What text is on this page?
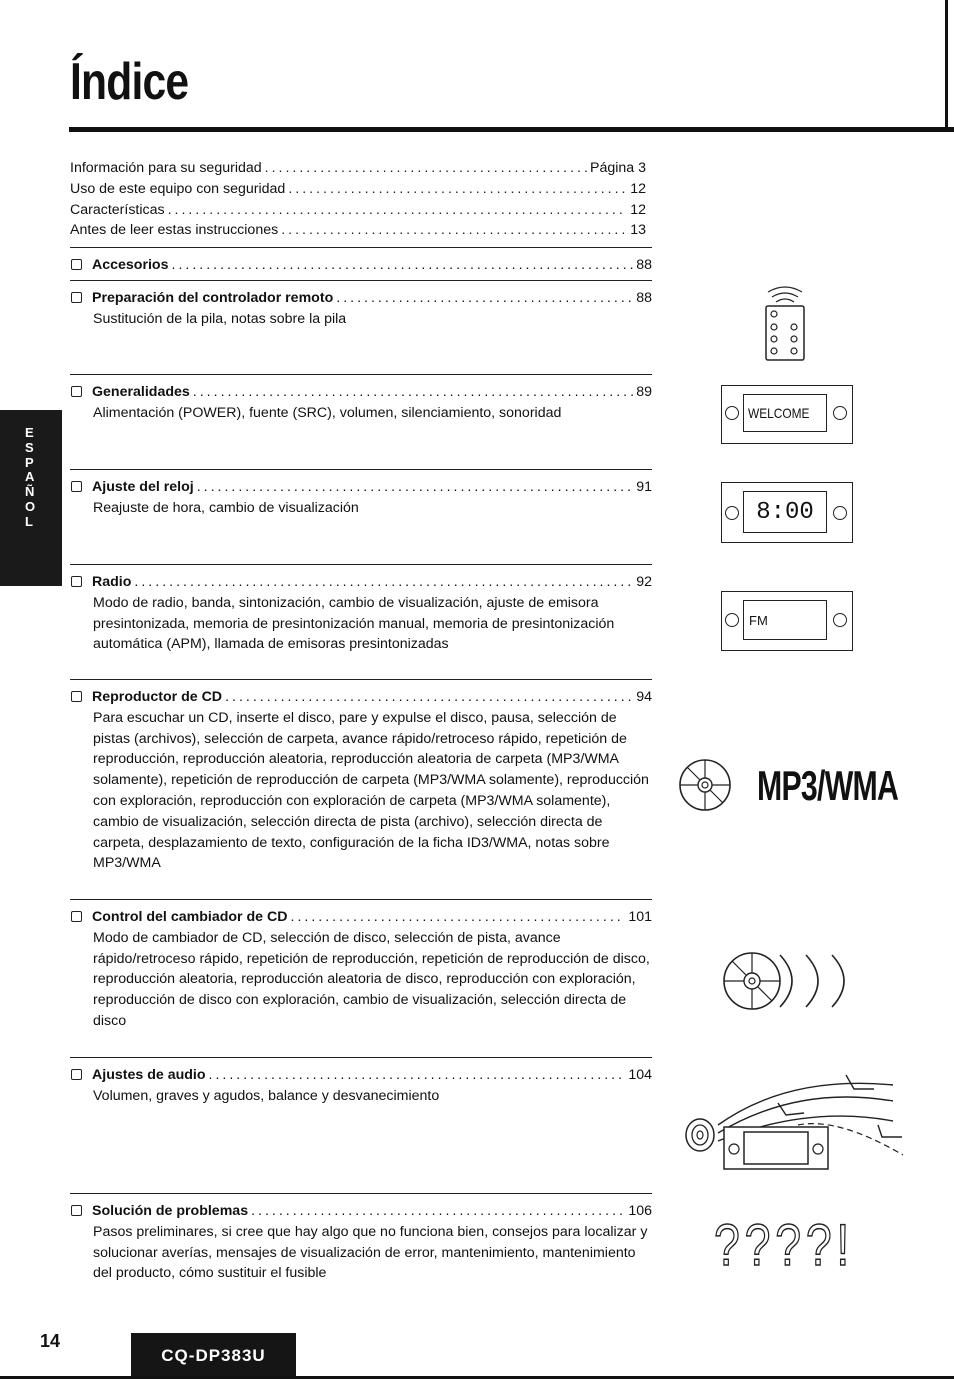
Índice
E
S
P
A
Ñ
O
L
Información para su seguridad .....	Página 3
Uso de este equipo con seguridad .....	12
Características .....	12
Antes de leer estas instrucciones .....	13
Accesorios .....	88
Preparación del controlador remoto .....	88
Sustitución de la pila, notas sobre la pila
Generalidades .....	89
Alimentación (POWER), fuente (SRC), volumen, silenciamiento, sonoridad
Ajuste del reloj .....	91
Reajuste de hora, cambio de visualización
Radio .....	92
Modo de radio, banda, sintonización, cambio de visualización, ajuste de emisora presintonizada, memoria de presintonización manual, memoria de presintonización automática (APM), llamada de emisoras presintonizadas
Reproductor de CD .....	94
Para escuchar un CD, inserte el disco, pare y expulse el disco, pausa, selección de pistas (archivos), selección de carpeta, avance rápido/retroceso rápido, repetición de reproducción, reproducción aleatoria, reproducción aleatoria de carpeta (MP3/WMA solamente), repetición de reproducción de carpeta (MP3/WMA solamente), reproducción con exploración, reproducción con exploración de carpeta (MP3/WMA solamente), cambio de visualización, selección directa de pista (archivo), selección directa de carpeta, desplazamiento de texto, configuración de la ficha ID3/WMA, notas sobre MP3/WMA
Control del cambiador de CD .....	101
Modo de cambiador de CD, selección de disco, selección de pista, avance rápido/retroceso rápido, repetición de reproducción, repetición de reproducción de disco, reproducción aleatoria, reproducción aleatoria de disco, reproducción con exploración, reproducción de disco con exploración, cambio de visualización, selección directa de disco
Ajustes de audio .....	104
Volumen, graves y agudos, balance y desvanecimiento
Solución de problemas .....	106
Pasos preliminares, si cree que hay algo que no funciona bien, consejos para localizar y solucionar averías, mensajes de visualización de error, mantenimiento, mantenimiento del producto, cómo sustituir el fusible
WELCOME
8:00
FM
MP3/WMA
????!
14
CQ-DP383U
